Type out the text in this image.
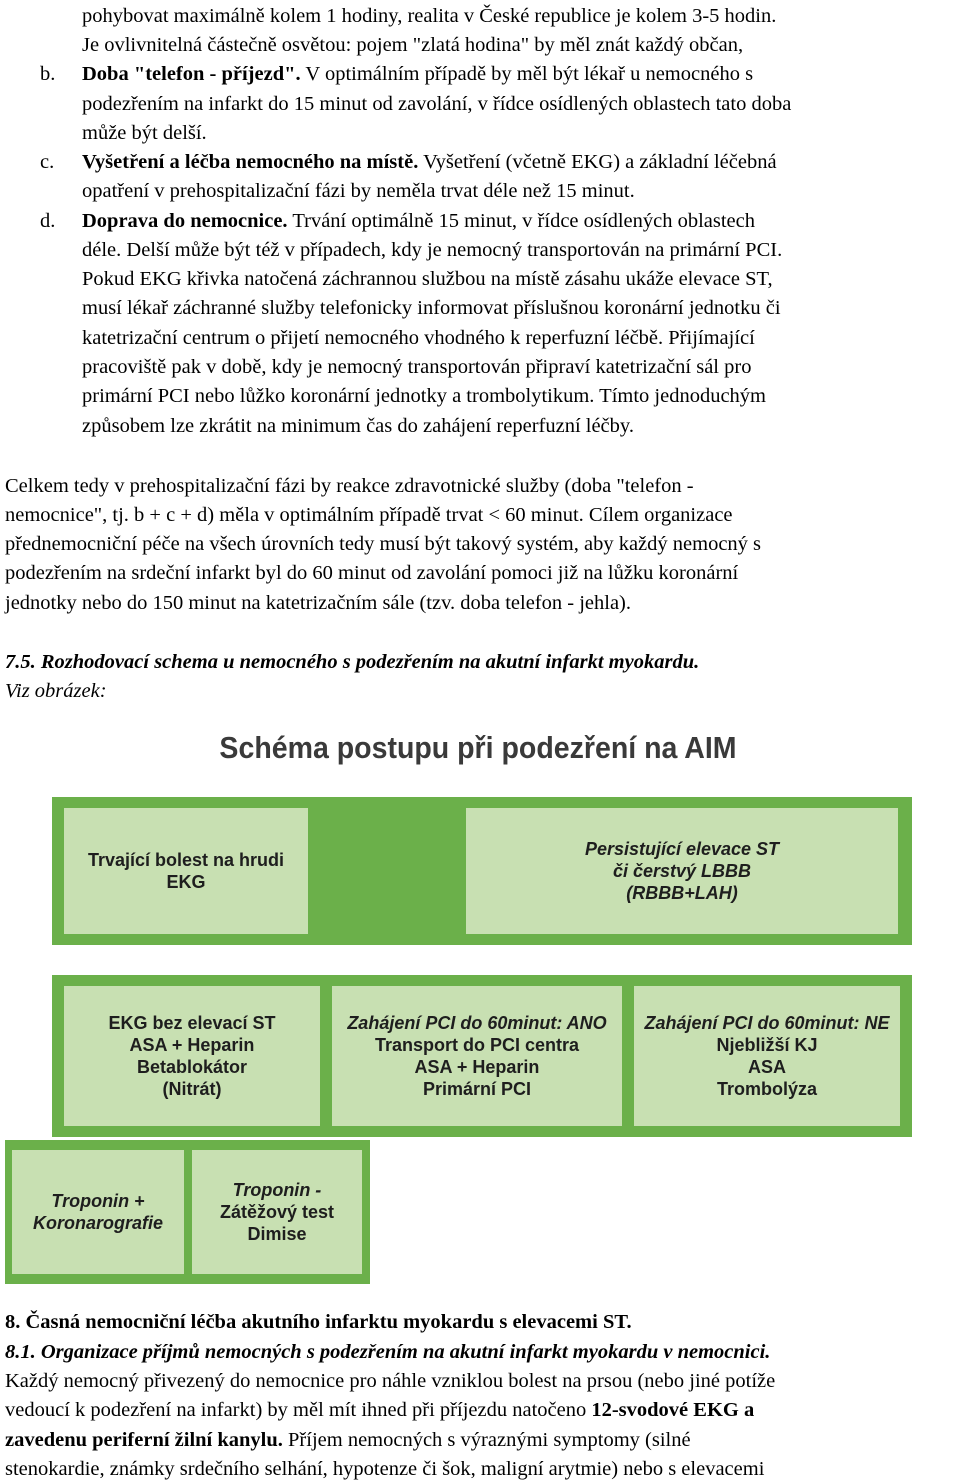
pohybovat maximálně kolem 1 hodiny, realita v České republice je kolem 3-5 hodin.
Je ovlivnitelná částečně osvětou: pojem "zlatá hodina" by měl znát každý občan,
b. Doba "telefon - příjezd". V optimálním případě by měl být lékař u nemocného s
podezřením na infarkt do 15 minut od zavolání, v řídce osídlených oblastech tato doba
může být delší.
c. Vyšetření a léčba nemocného na místě. Vyšetření (včetně EKG) a základní léčebná
opatření v prehospitalizační fázi by neměla trvat déle než 15 minut.
d. Doprava do nemocnice. Trvání optimálně 15 minut, v řídce osídlených oblastech
déle. Delší může být též v případech, kdy je nemocný transportován na primární PCI.
Pokud EKG křivka natočená záchrannou službou na místě zásahu ukáže elevace ST,
musí lékař záchranné služby telefonicky informovat příslušnou koronární jednotku či
katetrizační centrum o přijetí nemocného vhodného k reperfuzní léčbě. Přijímající
pracoviště pak v době, kdy je nemocný transportován připraví katetrizační sál pro
primární PCI nebo lůžko koronární jednotky a trombolytikum. Tímto jednoduchým
způsobem lze zkrátit na minimum čas do zahájení reperfuzní léčby.
Celkem tedy v prehospitalizační fázi by reakce zdravotnické služby (doba "telefon -
nemocnice", tj. b + c + d) měla v optimálním případě trvat < 60 minut. Cílem organizace
přednemocniční péče na všech úrovních tedy musí být takový systém, aby každý nemocný s
podezřením na srdeční infarkt byl do 60 minut od zavolání pomoci již na lůžku koronární
jednotky nebo do 150 minut na katetrizačním sále (tzv. doba telefon - jehla).
7.5. Rozhodovací schema u nemocného s podezřením na akutní infarkt myokardu.
Viz obrázek:
Schéma postupu při podezření na AIM
Trvající bolest na hrudi
EKG
Persistující elevace ST
či čerstvý LBBB
(RBBB+LAH)
EKG bez elevací ST
ASA + Heparin
Betablokátor
(Nitrát)
Zahájení PCI do 60minut: ANO
Transport do PCI centra
ASA + Heparin
Primární PCI
Zahájení PCI do 60minut: NE
Njebližší KJ
ASA
Trombolýza
Troponin +
Koronarografie
Troponin -
Zátěžový test
Dimise
8. Časná nemocniční léčba akutního infarktu myokardu s elevacemi ST.
8.1. Organizace příjmů nemocných s podezřením na akutní infarkt myokardu v nemocnici.
Každý nemocný přivezený do nemocnice pro náhle vzniklou bolest na prsou (nebo jiné potíže
vedoucí k podezření na infarkt) by měl mít ihned při příjezdu natočeno 12-svodové EKG a
zavedenu periferní žilní kanylu. Příjem nemocných s výraznými symptomy (silné
stenokardie, známky srdečního selhání, hypotenze či šok, maligní arytmie) nebo s elevacemi
